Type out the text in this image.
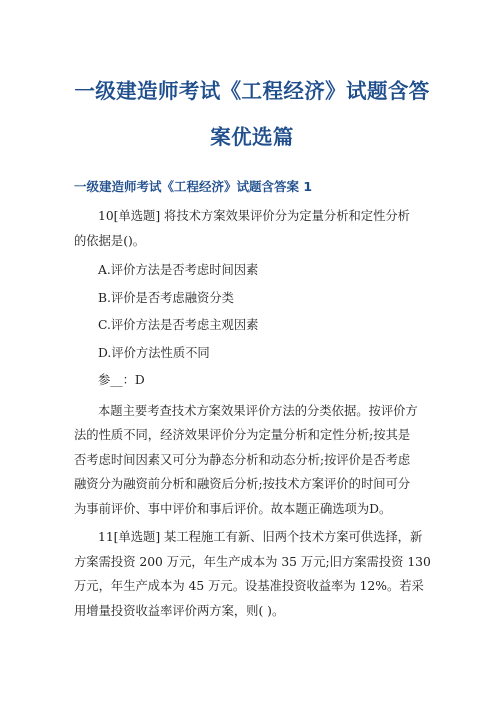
一级建造师考试《工程经济》试题含答
案优选篇
一级建造师考试《工程经济》试题含答案 1
10[单选题] 将技术方案效果评价分为定量分析和定性分析
的依据是()。

A.评价方法是否考虑时间因素

B.评价是否考虑融资分类

C.评价方法是否考虑主观因素

D.评价方法性质不同

参__：D

本题主要考查技术方案效果评价方法的分类依据。按评价方
法的性质不同，经济效果评价分为定量分析和定性分析;按其是
否考虑时间因素又可分为静态分析和动态分析;按评价是否考虑
融资分为融资前分析和融资后分析;按技术方案评价的时间可分
为事前评价、事中评价和事后评价。故本题正确选项为D。
11[单选题] 某工程施工有新、旧两个技术方案可供选择，新
方案需投资 200 万元，年生产成本为 35 万元;旧方案需投资 130
万元，年生产成本为 45 万元。设基准投资收益率为 12%。若采
用增量投资收益率评价两方案，则( )。
